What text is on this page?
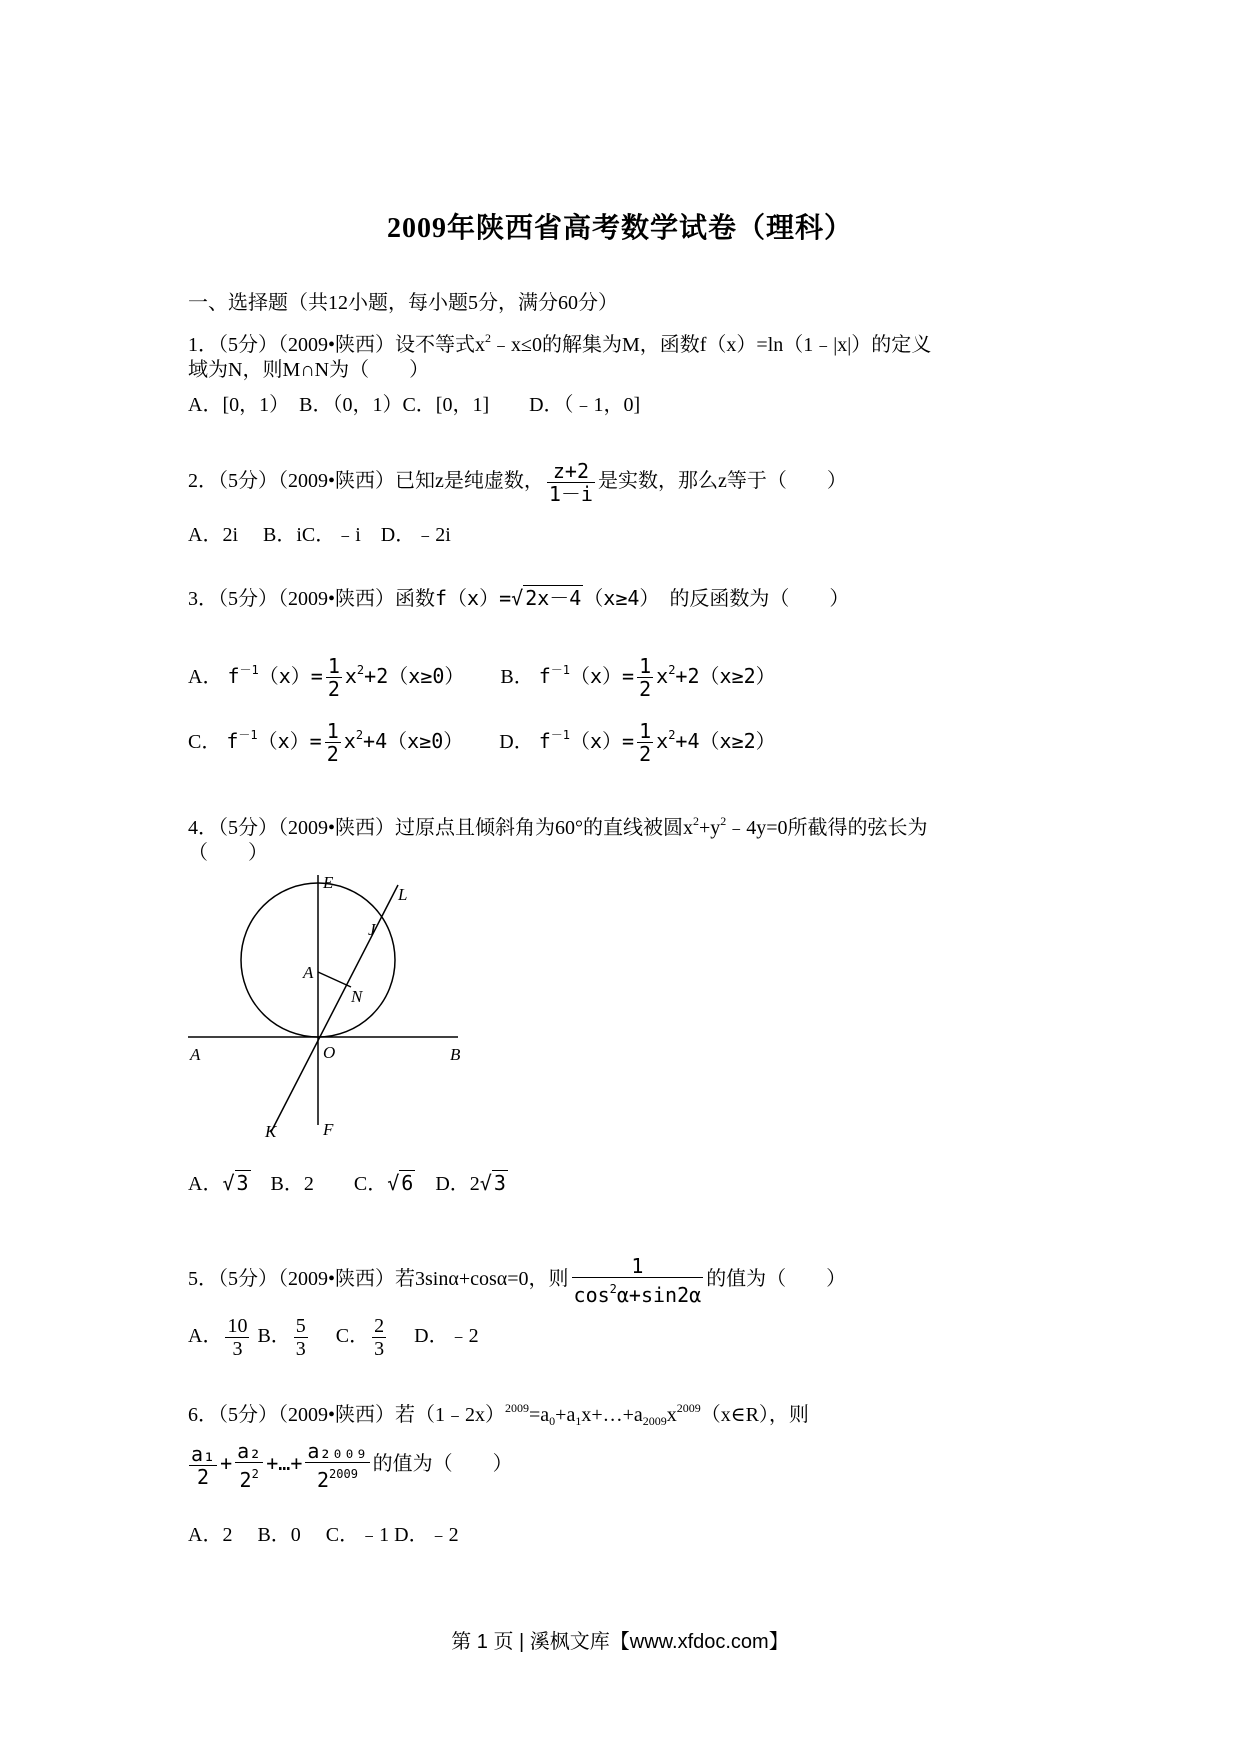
2009年陕西省高考数学试卷（理科）
一、选择题（共12小题，每小题5分，满分60分）
1．（5分）（2009•陕西）设不等式$x^2﹣x\le 0$的解集为M，函数f（x）=ln（1﹣|x|）的定义
域为N，则M∩N为（　　）
A．[0，1）　B．（0，1）C．[0，1]　　D．（﹣1，0]
2．（5分）（2009•陕西）已知z是纯虚数， $\frac{z+2}{1-i}$ 是实数，那么z等于（　　）
A．2i　 B．iC．﹣i　D．﹣2i
3．（5分）（2009•陕西）函数f（x）=√ 2x－4 （x≥4）　 的反函数为（　　）
A． $f^{-1}(x)= \frac{1}{2} x^2+2(x\ge 0)$ B． $f^{-1}(x)= \frac{1}{2} x^2+2(x\ge 2)$
C． $f^{-1}(x)= \frac{1}{2} x^2+4(x\ge 0)$ D． $f^{-1}(x)= \frac{1}{2} x^2+4(x\ge 2)$
4．（5分）（2009•陕西）过原点且倾斜角为60°的直线被圆$x^2+y^2﹣4y=0$所截得的弦长为
（　　）
E
L
J
A
N
A	O	B
K	F
A．√ 3　 B．2　　C．√ 6　 D．2√ 3
5．（5分）（2009•陕西）若3sinα+cosα=0，则 $\frac{1}{\cos^2\alpha+\sin 2\alpha}$ 的值为（　　）
A． $\frac{10}{3}$ B． $\frac{5}{3}$
　 C． $\frac{2}{3}$
　 D．﹣2
6．（5分）（2009•陕西）若$(1﹣2x)^{2009}=a_0+a_1x+\dots+a_{2009}x^{2009}(x\in R)$，则
$\frac{\text{a₁}}{2} + \frac{\text{a₂}}{2^2}$ +…+ $\frac{\text{a₂₀₀₉}}{2^{2009}}$ 的值为（　　）
A．2　 B．0　 C．﹣1 D．﹣2
第 1 页 | 溪枫文库【www.xfdoc.com】
